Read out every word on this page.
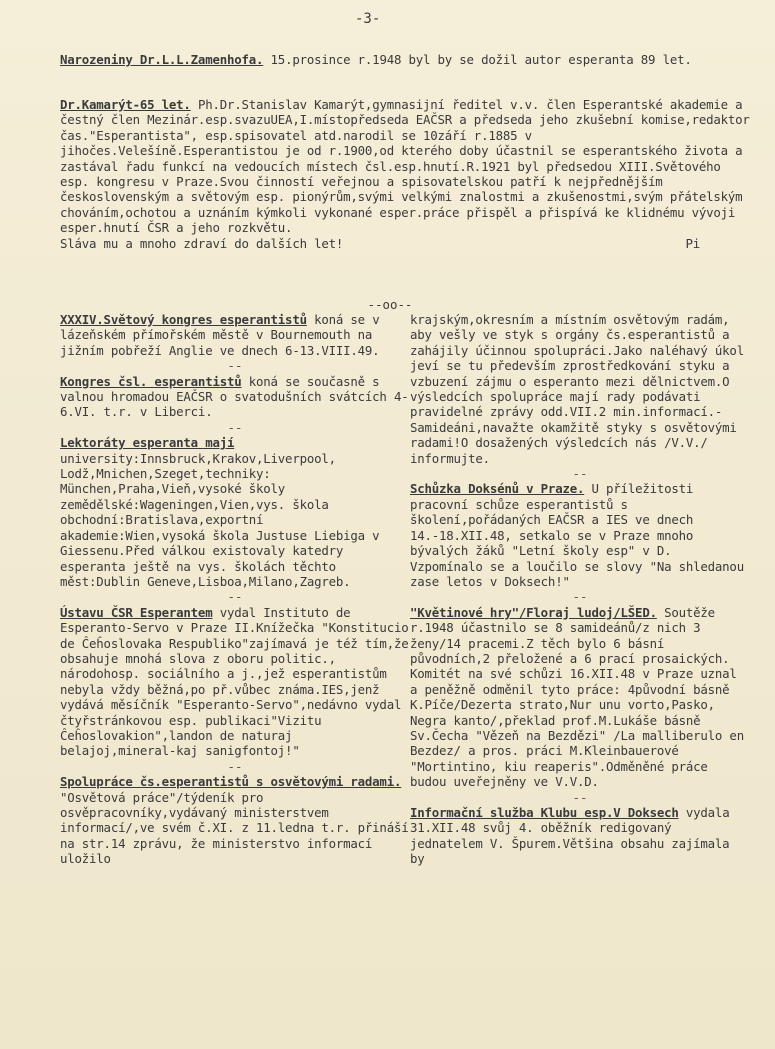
-3-

Narozeniny Dr.L.L.Zamenhofa. 15.prosince r.1948 byl by se dožil autor esperanta 89 let.

Dr.Kamarýt-65 let. Ph.Dr.Stanislav Kamarýt,gymnasijní ředitel v.v. člen Esperantské akademie a čestný člen Mezinár.esp.svazuUEA,I.místopředseda EAČSR a předseda jeho zkušební komise,redaktor čas."Esperantista", esp.spisovatel atd.narodil se 10září r.1885 v jihočes.Velešíně.Esperantistou je od r.1900,od kterého doby účastnil se esperantského života a zastával řadu funkcí na vedoucích místech čsl.esp.hnutí.R.1921 byl předsedou XIII.Světového esp. kongresu v Praze.Svou činností veřejnou a spisovatelskou patří k nejpřednějším československým a světovým esp. pionýrům,svými velkými znalostmi a zkušenostmi,svým přátelským chováním,ochotou a uznáním kýmkoli vykonané esper.práce přispěl a přispívá ke klidnému vývoji esper.hnutí ČSR a jeho rozkvětu.

Sláva mu a mnoho zdraví do dalších let!	Pi

--oo--

XXXIV.Světový kongres esperantistů koná se v lázeňském přímořském městě v Bournemouth na jižním pobřeží Anglie ve dnech 6-13.VIII.49.

--

Kongres čsl. esperantistů koná se současně s valnou hromadou EAČSR o svatodušních svátcích 4-6.VI. t.r. v Liberci.

--

Lektoráty esperanta mají university:Innsbruck,Krakov,Liverpool, Lodž,Mnichen,Szeget,techniky: München,Praha,Vieň,vysoké školy zemědělské:Wageningen,Vien,vys. škola obchodní:Bratislava,exportní akademie:Wien,vysoká škola Justuse Liebiga v Giessenu.Před válkou existovaly katedry esperanta ještě na vys. školách těchto měst:Dublin Geneve,Lisboa,Milano,Zagreb.

--

Ústavu ČSR Esperantem vydal Instituto de Esperanto-Servo v Praze II.Knížečka "Konstitucio de Ĉeĥoslovaka Respubliko"zajímavá je též tím,že obsahuje mnohá slova z oboru politic., národohosp. sociálního a j.,jež esperantistům nebyla vždy běžná,po př.vůbec známa.IES,jenž vydává měsíčník "Esperanto-Servo",nedávno vydal čtyřstránkovou esp. publikaci"Vizitu Ĉeĥoslovakion",landon de naturaj belajoj,mineral-kaj sanigfontoj!"

--

Spolupráce čs.esperantistů s osvětovými radami. "Osvětová práce"/týdeník pro osvěpracovníky,vydávaný ministerstvem informací/,ve svém č.XI. z 11.ledna t.r. přináší na str.14 zprávu, že ministerstvo informací uložilo

krajským,okresním a místním osvětovým radám, aby vešly ve styk s orgány čs.esperantistů a zahájily účinnou spolupráci.Jako naléhavý úkol jeví se tu především zprostředkování styku a vzbuzení zájmu o esperanto mezi dělnictvem.O výsledcích spolupráce mají rady podávati pravidelné zprávy odd.VII.2 min.informací.-Samideáni,navažte okamžitě styky s osvětovými radami!O dosažených výsledcích nás /V.V./ informujte.

--

Schůzka Doksénů v Praze. U příležitosti pracovní schůze esperantistů s školení,pořádaných EAČSR a IES ve dnech 14.-18.XII.48, setkalo se v Praze mnoho bývalých žáků "Letní školy esp" v D. Vzpomínalo se a loučilo se slovy "Na shledanou zase letos v Doksech!"

--

"Květinové hry"/Floraj ludoj/LŠED. Soutěže r.1948 účastnilo se 8 samideánů/z nich 3 ženy/14 pracemi.Z těch bylo 6 básní původních,2 přeložené a 6 prací prosaických. Komitét na své schůzi 16.XII.48 v Praze uznal a peněžně odměnil tyto práce: 4původní básně K.Píče/Dezerta strato,Nur unu vorto,Pasko, Negra kanto/,překlad prof.M.Lukáše básně Sv.Čecha "Vězeň na Bezdězi" /La malliberulo en Bezdez/ a pros. práci M.Kleinbauerové "Mortintino, kiu reaperis".Odměněné práce budou uveřejněny ve V.V.D.

--

Informační služba Klubu esp.V Doksech vydala 31.XII.48 svůj 4. oběžník redigovaný jednatelem V. Špurem.Většina obsahu zajímala by
